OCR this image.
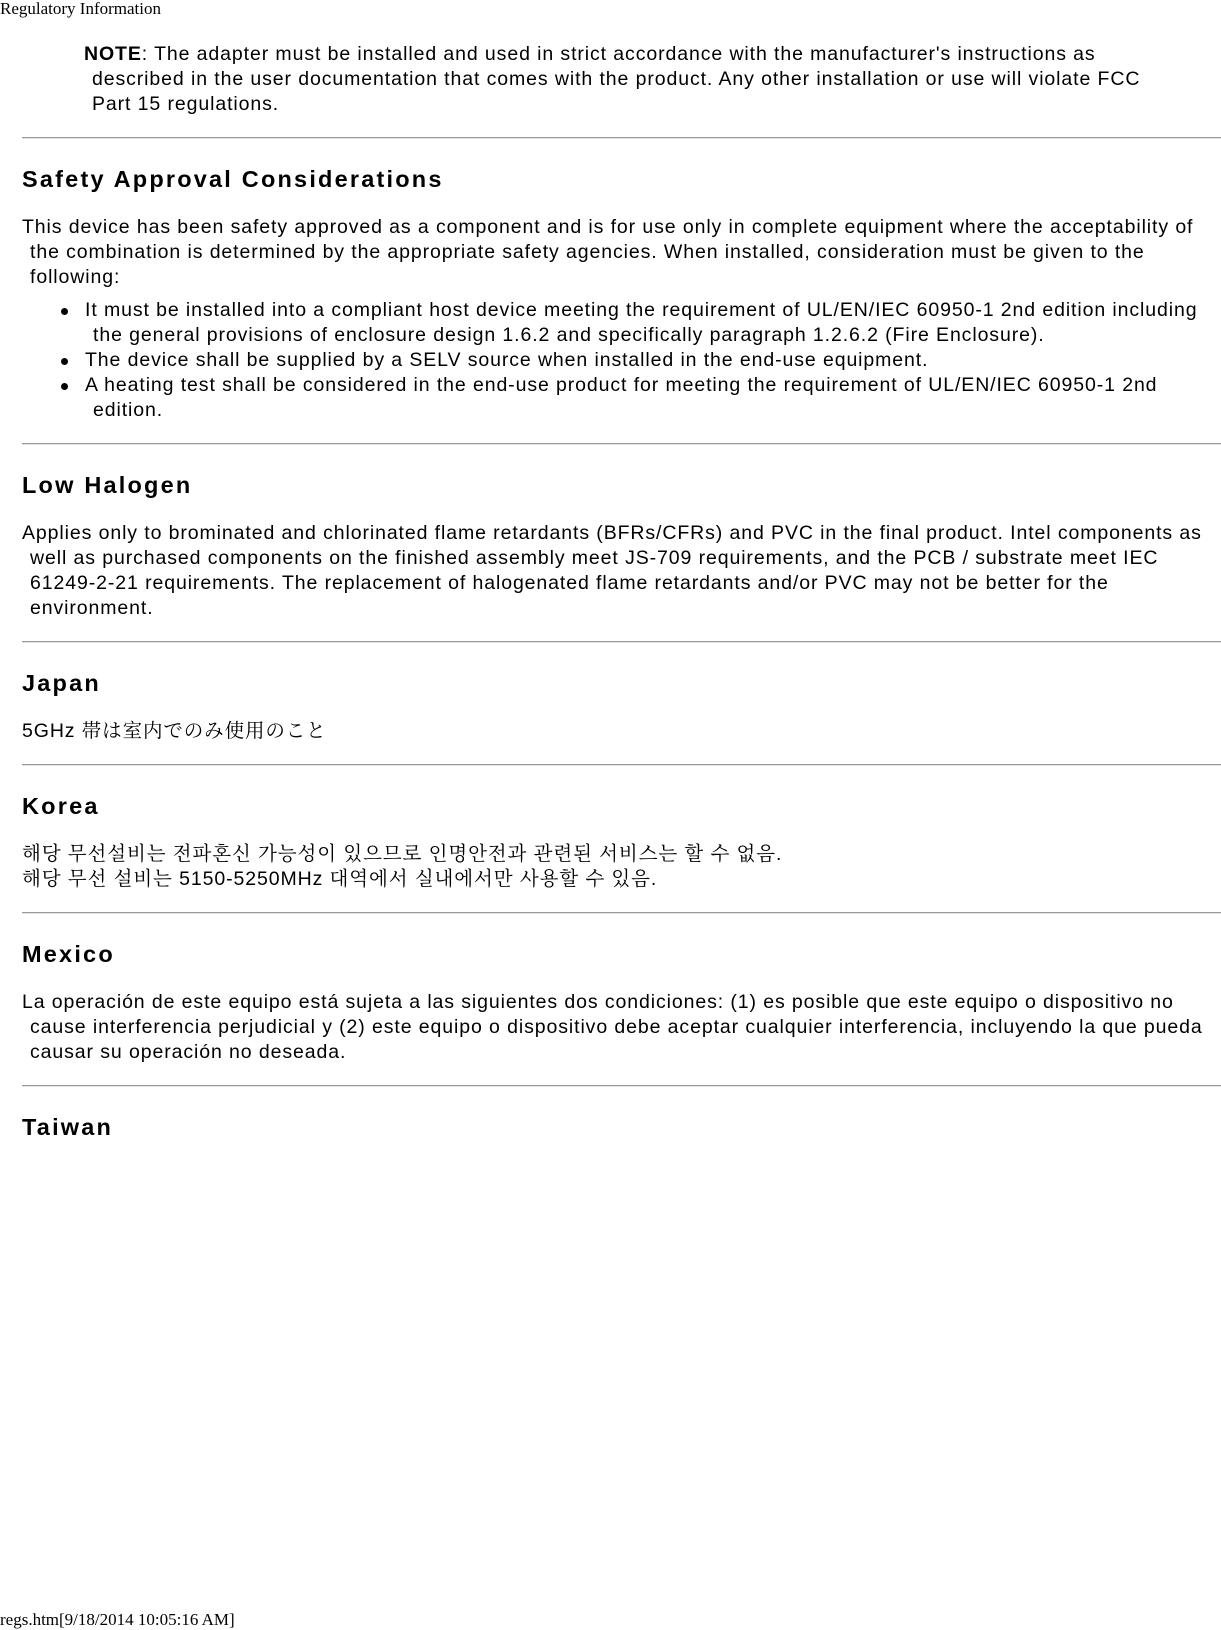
Regulatory Information
NOTE: The adapter must be installed and used in strict accordance with the manufacturer's instructions as described in the user documentation that comes with the product. Any other installation or use will violate FCC Part 15 regulations.
Safety Approval Considerations
This device has been safety approved as a component and is for use only in complete equipment where the acceptability of the combination is determined by the appropriate safety agencies. When installed, consideration must be given to the following:
It must be installed into a compliant host device meeting the requirement of UL/EN/IEC 60950-1 2nd edition including the general provisions of enclosure design 1.6.2 and specifically paragraph 1.2.6.2 (Fire Enclosure).
The device shall be supplied by a SELV source when installed in the end-use equipment.
A heating test shall be considered in the end-use product for meeting the requirement of UL/EN/IEC 60950-1 2nd edition.
Low Halogen
Applies only to brominated and chlorinated flame retardants (BFRs/CFRs) and PVC in the final product. Intel components as well as purchased components on the finished assembly meet JS-709 requirements, and the PCB / substrate meet IEC 61249-2-21 requirements. The replacement of halogenated flame retardants and/or PVC may not be better for the environment.
Japan
5GHz 帯は室内でのみ使用のこと
Korea
해당 무선설비는 전파혼신 가능성이 있으므로 인명안전과 관련된 서비스는 할 수 없음.
해당 무선 설비는 5150-5250MHz 대역에서 실내에서만 사용할 수 있음.
Mexico
La operación de este equipo está sujeta a las siguientes dos condiciones: (1) es posible que este equipo o dispositivo no cause interferencia perjudicial y (2) este equipo o dispositivo debe aceptar cualquier interferencia, incluyendo la que pueda causar su operación no deseada.
Taiwan
regs.htm[9/18/2014 10:05:16 AM]
